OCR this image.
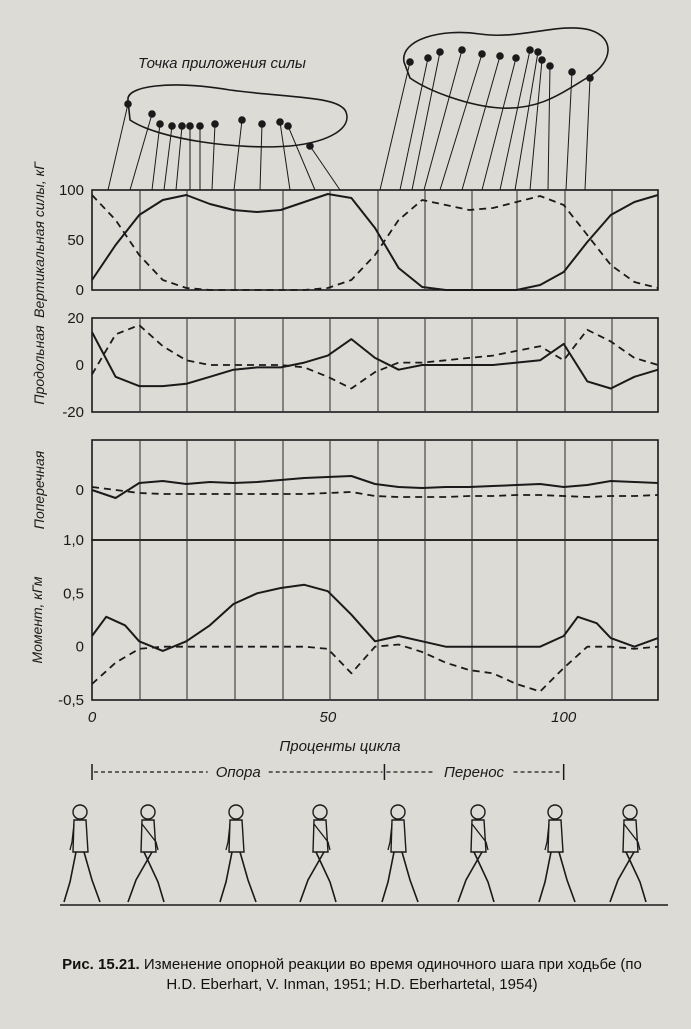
0
50
100
Вертикальная силы, кГ
-20
0
20
Продольная
0
Поперечная
-0,5
0
0,5
1,0
Момент, кГм
0	50	100
Проценты цикла
Опора	Перенос
Точка приложения силы
Рис. 15.21. Изменение опорной реакции во время одиночного шага при ходьбе (по H.D. Eberhart, V. Inman, 1951; H.D. Eberhartetal, 1954)
